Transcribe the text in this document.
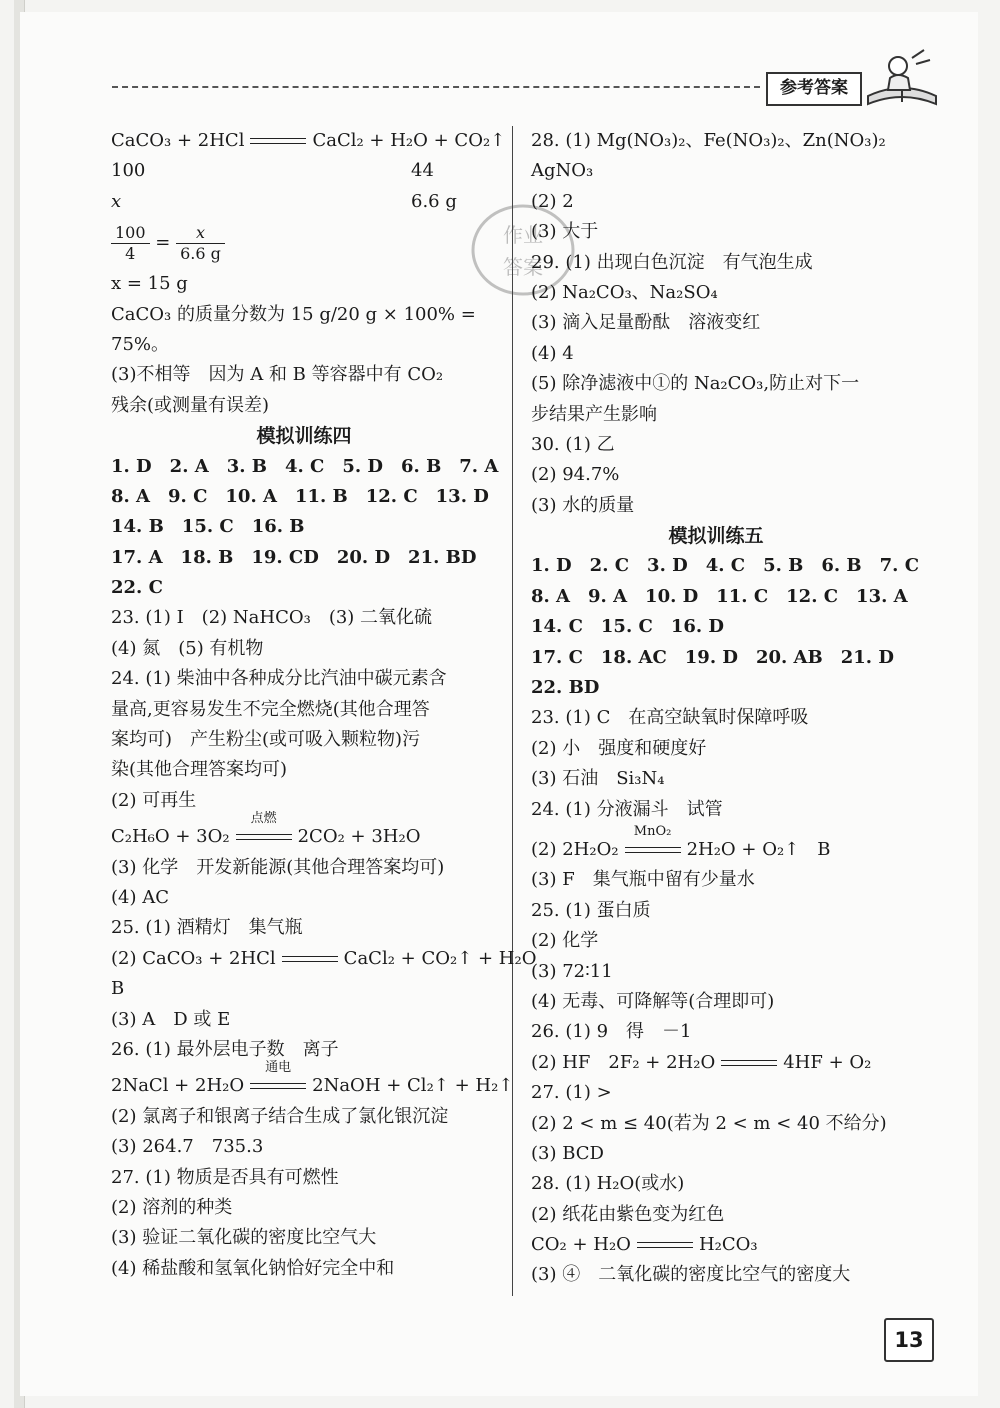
参考答案
作业
答案
CaCO₃ + 2HCl	CaCl₂ + H₂O + CO₂↑
100	44
x	6.6 g
$\frac{100}{4} = \frac{x}{6.6 g}$
x = 15 g
CaCO₃ 的质量分数为 15 g/20 g × 100% =
75%。
(3)不相等　因为 A 和 B 等容器中有 CO₂
残余(或测量有误差)
模拟训练四
1. D　2. A　3. B　4. C　5. D　6. B　7. A
8. A　9. C　10. A　11. B　12. C　13. D
14. B　15. C　16. B
17. A　18. B　19. CD　20. D　21. BD
22. C
23. (1) Ⅰ　(2) NaHCO₃　(3) 二氧化硫
(4) 氮　(5) 有机物
24. (1) 柴油中各种成分比汽油中碳元素含
量高,更容易发生不完全燃烧(其他合理答
案均可)　产生粉尘(或可吸入颗粒物)污
染(其他合理答案均可)
(2) 可再生
C₂H₆O + 3O₂
点燃
2CO₂ + 3H₂O
(3) 化学　开发新能源(其他合理答案均可)
(4) AC
25. (1) 酒精灯　集气瓶
(2) CaCO₃ + 2HCl	CaCl₂ + CO₂↑ + H₂O
B
(3) A　D 或 E
26. (1) 最外层电子数　离子
2NaCl + 2H₂O
通电
2NaOH + Cl₂↑ + H₂↑
(2) 氯离子和银离子结合生成了氯化银沉淀
(3) 264.7　735.3
27. (1) 物质是否具有可燃性
(2) 溶剂的种类
(3) 验证二氧化碳的密度比空气大
(4) 稀盐酸和氢氧化钠恰好完全中和
28. (1) Mg(NO₃)₂、Fe(NO₃)₂、Zn(NO₃)₂
AgNO₃
(2) 2
(3) 大于
29. (1) 出现白色沉淀　有气泡生成
(2) Na₂CO₃、Na₂SO₄
(3) 滴入足量酚酞　溶液变红
(4) 4
(5) 除净滤液中①的 Na₂CO₃,防止对下一
步结果产生影响
30. (1) 乙
(2) 94.7%
(3) 水的质量
模拟训练五
1. D　2. C　3. D　4. C　5. B　6. B　7. C
8. A　9. A　10. D　11. C　12. C　13. A
14. C　15. C　16. D
17. C　18. AC　19. D　20. AB　21. D
22. BD
23. (1) C　在高空缺氧时保障呼吸
(2) 小　强度和硬度好
(3) 石油　Si₃N₄
24. (1) 分液漏斗　试管
(2) 2H₂O₂
MnO₂
2H₂O + O₂↑　B
(3) F　集气瓶中留有少量水
25. (1) 蛋白质
(2) 化学
(3) 72∶11
(4) 无毒、可降解等(合理即可)
26. (1) 9　得　－1
(2) HF　2F₂ + 2H₂O	4HF + O₂
27. (1) >
(2) 2 < m ≤ 40(若为 2 < m < 40 不给分)
(3) BCD
28. (1) H₂O(或水)
(2) 纸花由紫色变为红色
CO₂ + H₂O	H₂CO₃
(3) ④　二氧化碳的密度比空气的密度大
13
